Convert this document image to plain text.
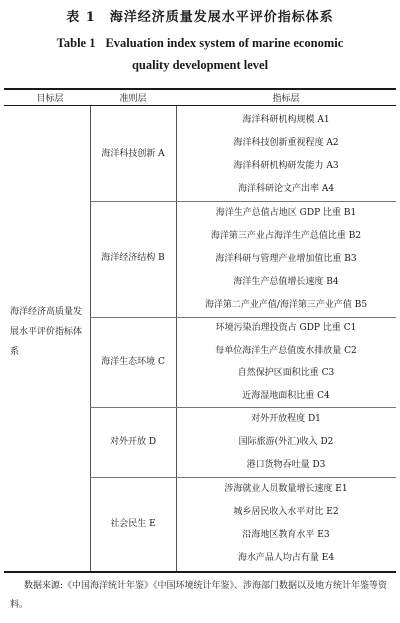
表 1 海洋经济质量发展水平评价指标体系
Table 1 Evaluation index system of marine economic
quality development level
目标层	准则层	指标层
海洋经济高质量发展水平评价指标体系
海洋科技创新 A
海洋经济结构 B
海洋生态环境 C
对外开放 D
社会民生 E
海洋科研机构规模 A1
海洋科技创新重视程度 A2
海洋科研机构研发能力 A3
海洋科研论文产出率 A4
海洋生产总值占地区 GDP 比重 B1
海洋第三产业占海洋生产总值比重 B2
海洋科研与管理产业增加值比重 B3
海洋生产总值增长速度 B4
海洋第二产业产值/海洋第三产业产值 B5
环境污染治理投资占 GDP 比重 C1
每单位海洋生产总值废水排放量 C2
自然保护区面积比重 C3
近海湿地面积比重 C4
对外开放程度 D1
国际旅游(外汇)收入 D2
港口货物吞吐量 D3
涉海就业人员数量增长速度 E1
城乡居民收入水平对比 E2
沿海地区教育水平 E3
海水产品人均占有量 E4
数据来源:《中国海洋统计年鉴》《中国环境统计年鉴》、涉海部门数据以及地方统计年鉴等资料。
